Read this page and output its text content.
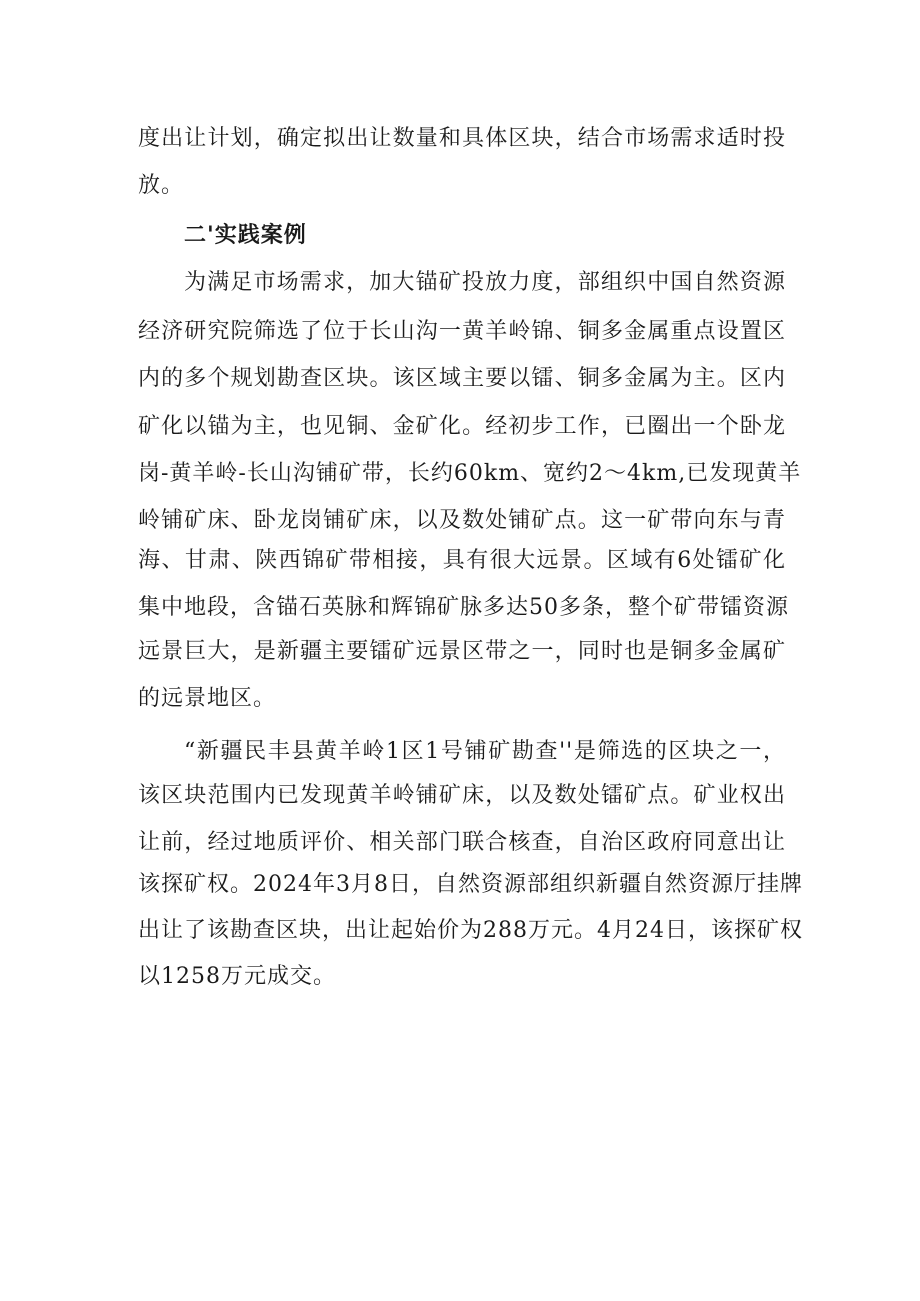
度出让计划，确定拟出让数量和具体区块，结合市场需求适时投
放。
二'实践案例
为满足市场需求，加大锚矿投放力度，部组织中国自然资源
经济研究院筛选了位于长山沟一黄羊岭锦、铜多金属重点设置区
内的多个规划勘查区块。该区域主要以镭、铜多金属为主。区内
矿化以锚为主，也见铜、金矿化。经初步工作，已圈出一个卧龙
岗-黄羊岭-长山沟铺矿带，长约60km、宽约2～4km,已发现黄羊
岭铺矿床、卧龙岗铺矿床，以及数处铺矿点。这一矿带向东与青
海、甘肃、陕西锦矿带相接，具有很大远景。区域有6处镭矿化
集中地段，含锚石英脉和辉锦矿脉多达50多条，整个矿带镭资源
远景巨大，是新疆主要镭矿远景区带之一，同时也是铜多金属矿
的远景地区。
“新疆民丰县黄羊岭1区1号铺矿勘查''是筛选的区块之一，
该区块范围内已发现黄羊岭铺矿床，以及数处镭矿点。矿业权出
让前，经过地质评价、相关部门联合核查，自治区政府同意出让
该探矿权。2024年3月8日，自然资源部组织新疆自然资源厅挂牌
出让了该勘查区块，出让起始价为288万元。4月24日，该探矿权
以1258万元成交。
